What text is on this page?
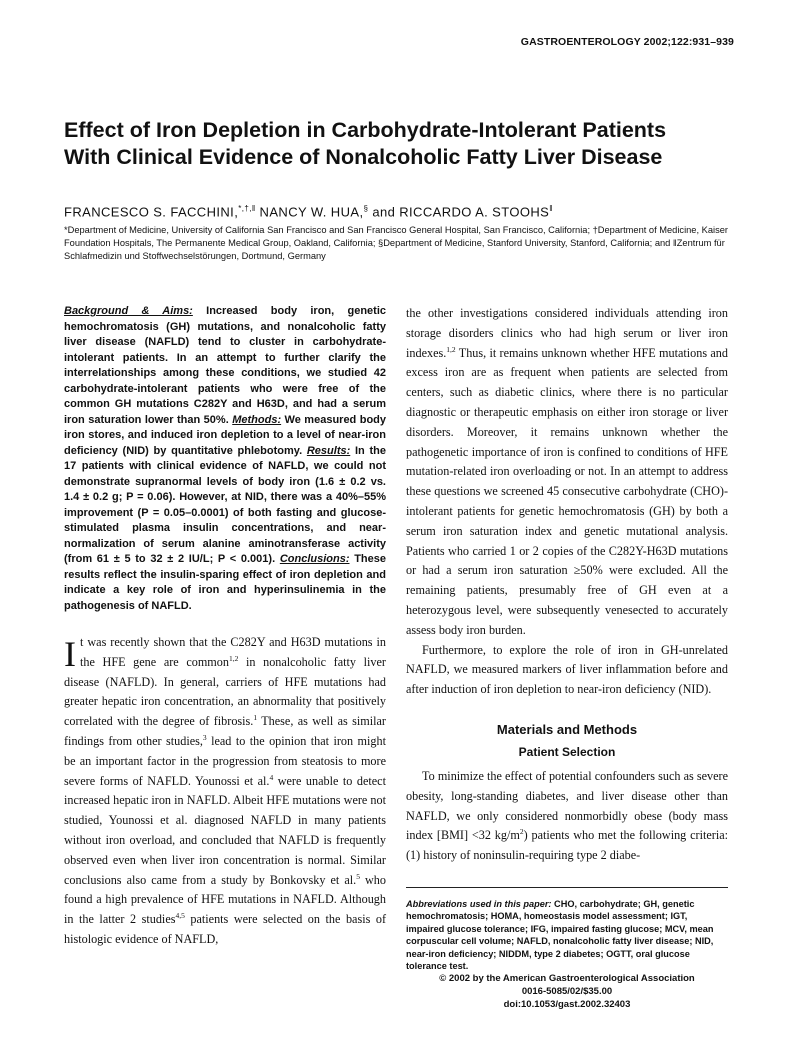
GASTROENTEROLOGY 2002;122:931–939
Effect of Iron Depletion in Carbohydrate-Intolerant Patients
With Clinical Evidence of Nonalcoholic Fatty Liver Disease
FRANCESCO S. FACCHINI,*,†,‖ NANCY W. HUA,§ and RICCARDO A. STOOHS‖
*Department of Medicine, University of California San Francisco and San Francisco General Hospital, San Francisco, California; †Department of Medicine, Kaiser Foundation Hospitals, The Permanente Medical Group, Oakland, California; §Department of Medicine, Stanford University, Stanford, California; and ‖Zentrum für Schlafmedizin und Stoffwechselstörungen, Dortmund, Germany

Background & Aims: Increased body iron, genetic hemochromatosis (GH) mutations, and nonalcoholic fatty liver disease (NAFLD) tend to cluster in carbohydrate-intolerant patients. In an attempt to further clarify the interrelationships among these conditions, we studied 42 carbohydrate-intolerant patients who were free of the common GH mutations C282Y and H63D, and had a serum iron saturation lower than 50%. Methods: We measured body iron stores, and induced iron depletion to a level of near-iron deficiency (NID) by quantitative phlebotomy. Results: In the 17 patients with clinical evidence of NAFLD, we could not demonstrate supranormal levels of body iron (1.6 ± 0.2 vs. 1.4 ± 0.2 g; P = 0.06). However, at NID, there was a 40%–55% improvement (P = 0.05–0.0001) of both fasting and glucose-stimulated plasma insulin concentrations, and near-normalization of serum alanine aminotransferase activity (from 61 ± 5 to 32 ± 2 IU/L; P < 0.001). Conclusions: These results reflect the insulin-sparing effect of iron depletion and indicate a key role of iron and hyperinsulinemia in the pathogenesis of NAFLD.

It was recently shown that the C282Y and H63D mutations in the HFE gene are common$^{1,2}$ in nonalcoholic fatty liver disease (NAFLD). In general, carriers of HFE mutations had greater hepatic iron concentration, an abnormality that positively correlated with the degree of fibrosis.$^1$ These, as well as similar findings from other studies,$^3$ lead to the opinion that iron might be an important factor in the progression from steatosis to more severe forms of NAFLD. Younossi et al.$^4$ were unable to detect increased hepatic iron in NAFLD. Albeit HFE mutations were not studied, Younossi et al. diagnosed NAFLD in many patients without iron overload, and concluded that NAFLD is frequently observed even when liver iron concentration is normal. Similar conclusions also came from a study by Bonkovsky et al.$^5$ who found a high prevalence of HFE mutations in NAFLD. Although in the latter 2 studies$^{4,5}$ patients were selected on the basis of histologic evidence of NAFLD,

the other investigations considered individuals attending iron storage disorders clinics who had high serum or liver iron indexes.$^{1,2}$ Thus, it remains unknown whether HFE mutations and excess iron are as frequent when patients are selected from centers, such as diabetic clinics, where there is no particular diagnostic or therapeutic emphasis on either iron storage or liver disorders. Moreover, it remains unknown whether the pathogenetic importance of iron is confined to conditions of HFE mutation-related iron overloading or not. In an attempt to address these questions we screened 45 consecutive carbohydrate (CHO)-intolerant patients for genetic hemochromatosis (GH) by both a serum iron saturation index and genetic mutational analysis. Patients who carried 1 or 2 copies of the C282Y-H63D mutations or had a serum iron saturation ≥50% were excluded. All the remaining patients, presumably free of GH even at a heterozygous level, were subsequently venesected to accurately assess body iron burden.

Furthermore, to explore the role of iron in GH-unrelated NAFLD, we measured markers of liver inflammation before and after induction of iron depletion to near-iron deficiency (NID).

Materials and Methods
Patient Selection

To minimize the effect of potential confounders such as severe obesity, long-standing diabetes, and liver disease other than NAFLD, we only considered nonmorbidly obese (body mass index [BMI] <32 $kg/m^2$) patients who met the following criteria: (1) history of noninsulin-requiring type 2 diabe-

Abbreviations used in this paper: CHO, carbohydrate; GH, genetic hemochromatosis; HOMA, homeostasis model assessment; IGT, impaired glucose tolerance; IFG, impaired fasting glucose; MCV, mean corpuscular cell volume; NAFLD, nonalcoholic fatty liver disease; NID, near-iron deficiency; NIDDM, type 2 diabetes; OGTT, oral glucose tolerance test.

© 2002 by the American Gastroenterological Association
0016-5085/02/$35.00
doi:10.1053/gast.2002.32403
